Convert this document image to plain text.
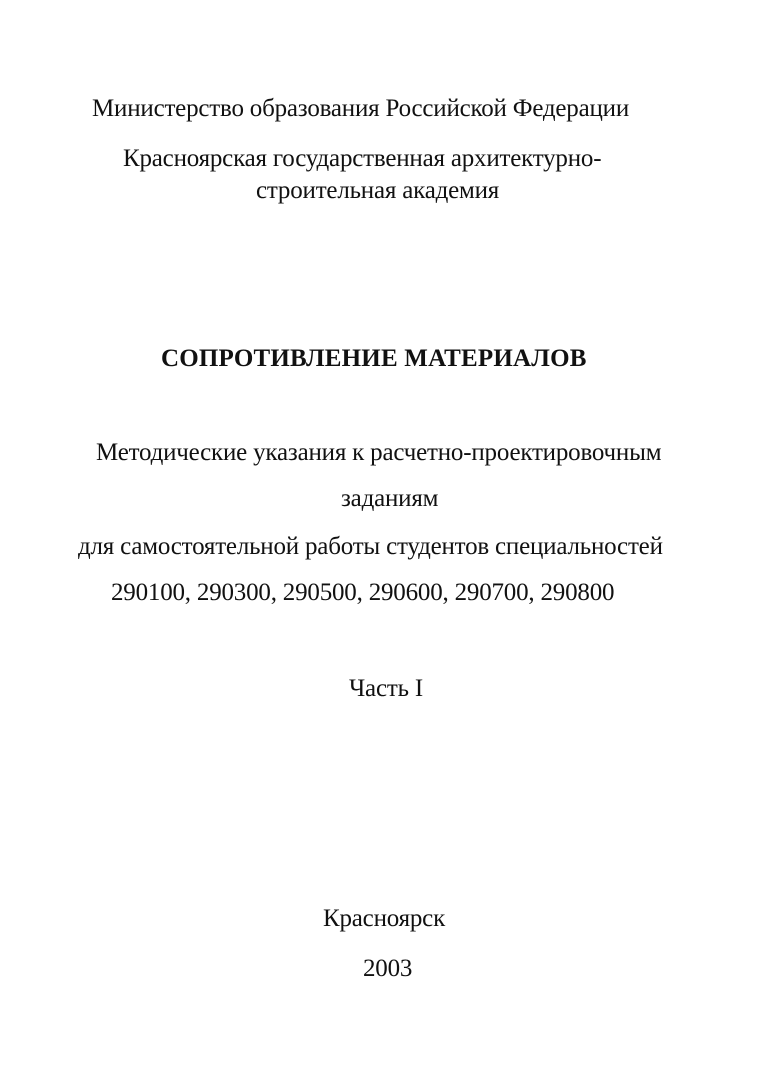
Министерство образования Российской Федерации
Красноярская государственная архитектурно-
строительная академия
СОПРОТИВЛЕНИЕ МАТЕРИАЛОВ
Методические указания к расчетно-проектировочным
заданиям
для самостоятельной работы студентов специальностей
290100, 290300, 290500, 290600, 290700, 290800
Часть I
Красноярск
2003
